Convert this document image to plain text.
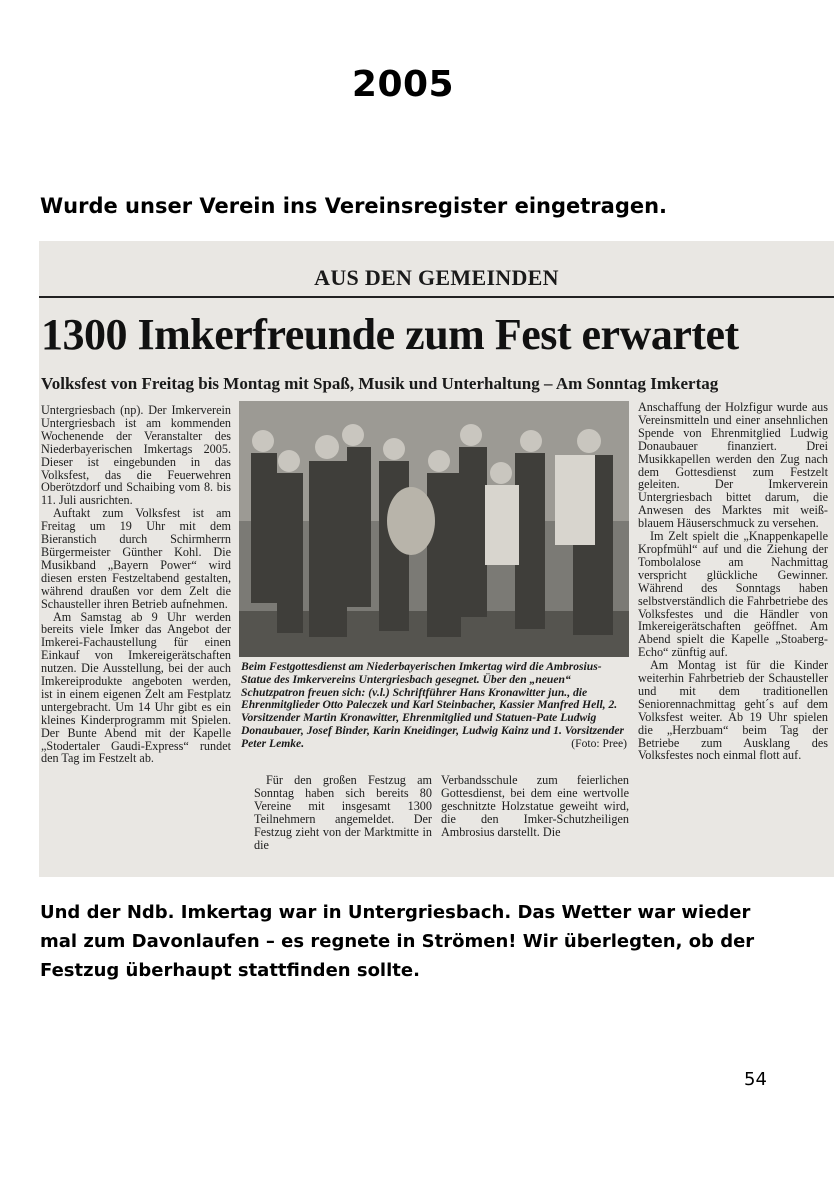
2005
Wurde unser Verein ins Vereinsregister eingetragen.
AUS DEN GEMEINDEN
1300 Imkerfreunde zum Fest erwartet
Volksfest von Freitag bis Montag mit Spaß, Musik und Unterhaltung – Am Sonntag Imkertag

Untergriesbach (np). Der Imkerverein Untergriesbach ist am kommenden Wochenende der Veranstalter des Niederbayerischen Imkertags 2005. Dieser ist eingebunden in das Volksfest, das die Feuerwehren Oberötzdorf und Schaibing vom 8. bis 11. Juli ausrichten.

Auftakt zum Volksfest ist am Freitag um 19 Uhr mit dem Bieranstich durch Schirmherrn Bürgermeister Günther Kohl. Die Musikband „Bayern Power“ wird diesen ersten Festzeltabend gestalten, während draußen vor dem Zelt die Schausteller ihren Betrieb aufnehmen.

Am Samstag ab 9 Uhr werden bereits viele Imker das Angebot der Imkerei-Fachaustellung für einen Einkauf von Imkereigerätschaften nutzen. Die Ausstellung, bei der auch Imkereiprodukte angeboten werden, ist in einem eigenen Zelt am Festplatz untergebracht. Um 14 Uhr gibt es ein kleines Kinderprogramm mit Spielen. Der Bunte Abend mit der Kapelle „Stodertaler Gaudi-Express“ rundet den Tag im Festzelt ab.

Beim Festgottesdienst am Niederbayerischen Imkertag wird die Ambrosius-Statue des Imkervereins Untergriesbach gesegnet. Über den „neuen“ Schutzpatron freuen sich: (v.l.) Schriftführer Hans Kronawitter jun., die Ehrenmitglieder Otto Paleczek und Karl Steinbacher, Kassier Manfred Hell, 2. Vorsitzender Martin Kronawitter, Ehrenmitglied und Statuen-Pate Ludwig Donaubauer, Josef Binder, Karin Kneidinger, Ludwig Kainz und 1. Vorsitzender Peter Lemke.	(Foto: Pree)

Für den großen Festzug am Sonntag haben sich bereits 80 Vereine mit insgesamt 1300 Teilnehmern angemeldet. Der Festzug zieht von der Marktmitte in die

Verbandsschule zum feierlichen Gottesdienst, bei dem eine wertvolle geschnitzte Holzstatue geweiht wird, die den Imker-Schutzheiligen Ambrosius darstellt. Die

Anschaffung der Holzfigur wurde aus Vereinsmitteln und einer ansehnlichen Spende von Ehrenmitglied Ludwig Donaubauer finanziert. Drei Musikkapellen werden den Zug nach dem Gottesdienst zum Festzelt geleiten. Der Imkerverein Untergriesbach bittet darum, die Anwesen des Marktes mit weiß-blauem Häuserschmuck zu versehen.

Im Zelt spielt die „Knappenkapelle Kropfmühl“ auf und die Ziehung der Tombolalose am Nachmittag verspricht glückliche Gewinner. Während des Sonntags haben selbstverständlich die Fahrbetriebe des Volksfestes und die Händler von Imkereigerätschaften geöffnet. Am Abend spielt die Kapelle „Stoaberg-Echo“ zünftig auf.

Am Montag ist für die Kinder weiterhin Fahrbetrieb der Schausteller und mit dem traditionellen Seniorennachmittag geht´s auf dem Volksfest weiter. Ab 19 Uhr spielen die „Herzbuam“ beim Tag der Betriebe zum Ausklang des Volksfestes noch einmal flott auf.

Und der Ndb. Imkertag war in Untergriesbach. Das Wetter war wieder
mal zum Davonlaufen – es regnete in Strömen! Wir überlegten, ob der
Festzug überhaupt stattfinden sollte.
54
